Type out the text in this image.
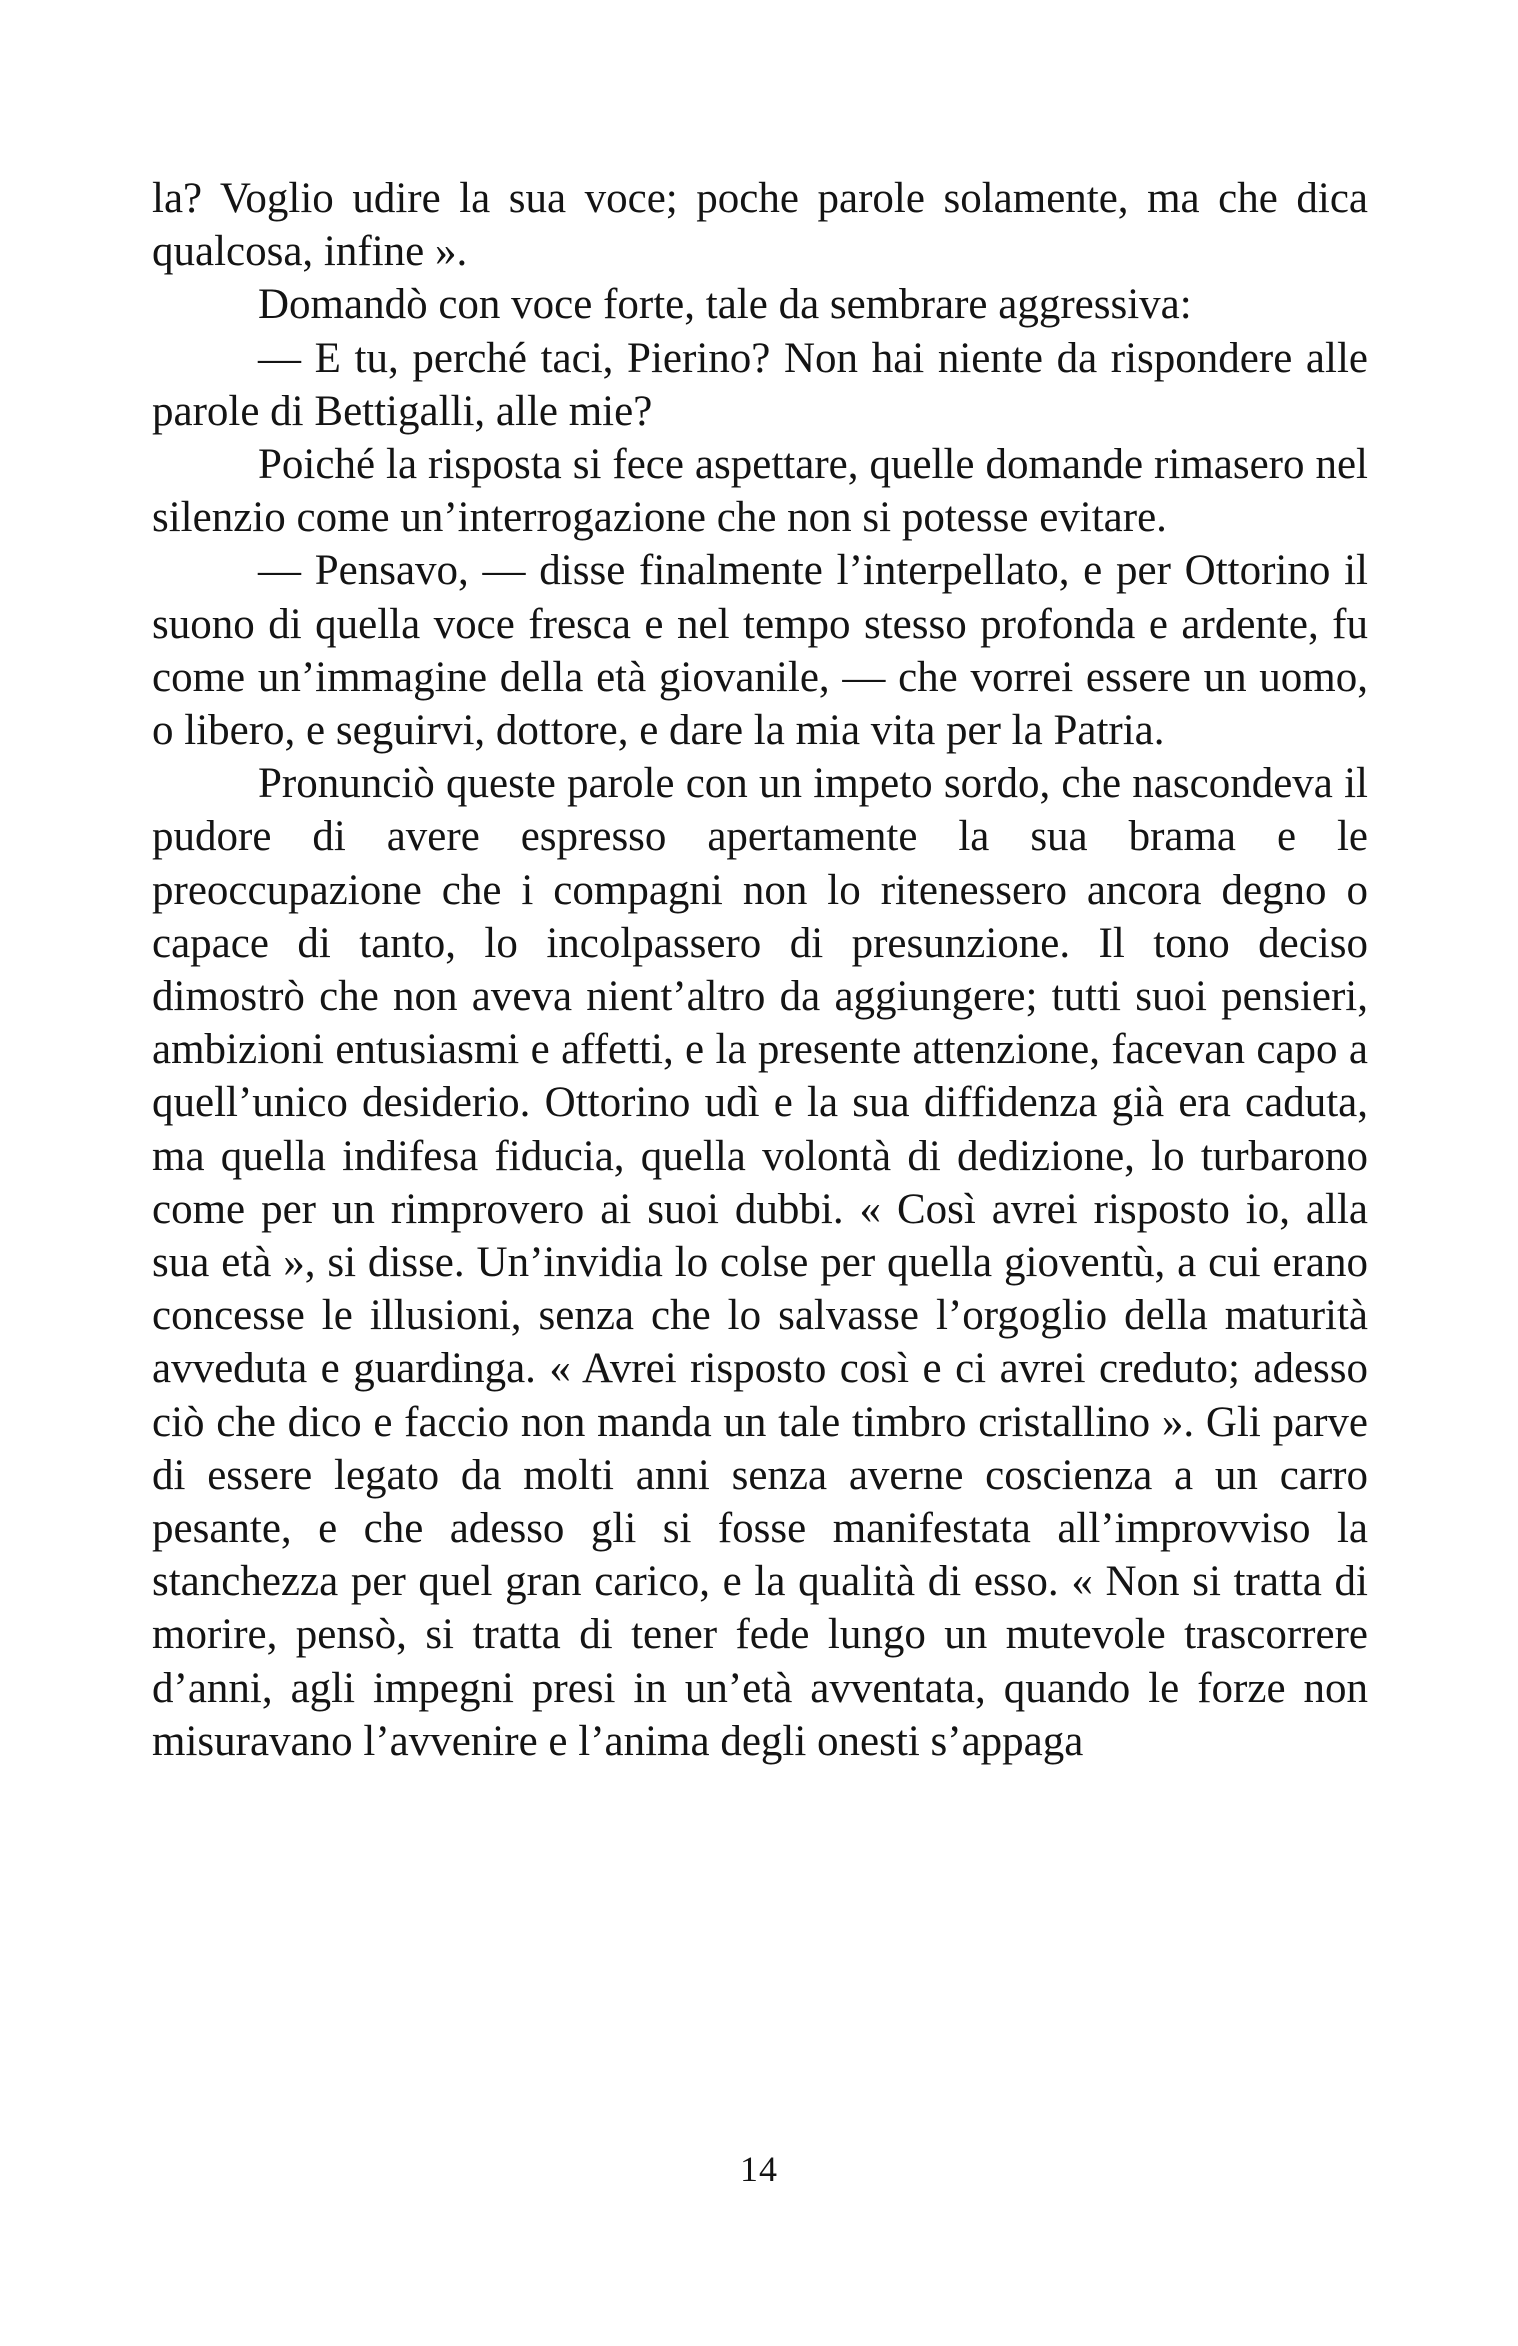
la? Voglio udire la sua voce; poche parole solamente, ma che dica qualcosa, infine ».

Domandò con voce forte, tale da sembrare aggressiva:

— E tu, perché taci, Pierino? Non hai niente da rispondere alle parole di Bettigalli, alle mie?

Poiché la risposta si fece aspettare, quelle domande rimasero nel silenzio come un’interrogazione che non si potesse evitare.

— Pensavo, — disse finalmente l’interpellato, e per Ottorino il suono di quella voce fresca e nel tempo stesso profonda e ardente, fu come un’immagine della età giovanile, — che vorrei essere un uomo, o libero, e seguirvi, dottore, e dare la mia vita per la Patria.

Pronunciò queste parole con un impeto sordo, che nascondeva il pudore di avere espresso apertamente la sua brama e le preoccupazione che i compagni non lo ritenessero ancora degno o capace di tanto, lo incolpassero di presunzione. Il tono deciso dimostrò che non aveva nient’altro da aggiungere; tutti suoi pensieri, ambizioni entusiasmi e affetti, e la presente attenzione, facevan capo a quell’unico desiderio. Ottorino udì e la sua diffidenza già era caduta, ma quella indifesa fiducia, quella volontà di dedizione, lo turbarono come per un rimprovero ai suoi dubbi. « Così avrei risposto io, alla sua età », si disse. Un’invidia lo colse per quella gioventù, a cui erano concesse le illusioni, senza che lo salvasse l’orgoglio della maturità avveduta e guardinga. « Avrei risposto così e ci avrei creduto; adesso ciò che dico e faccio non manda un tale timbro cristallino ». Gli parve di essere legato da molti anni senza averne coscienza a un carro pesante, e che adesso gli si fosse manifestata all’improvviso la stanchezza per quel gran carico, e la qualità di esso. « Non si tratta di morire, pensò, si tratta di tener fede lungo un mutevole trascorrere d’anni, agli impegni presi in un’età avventata, quando le forze non misuravano l’avvenire e l’anima degli onesti s’appaga

14
